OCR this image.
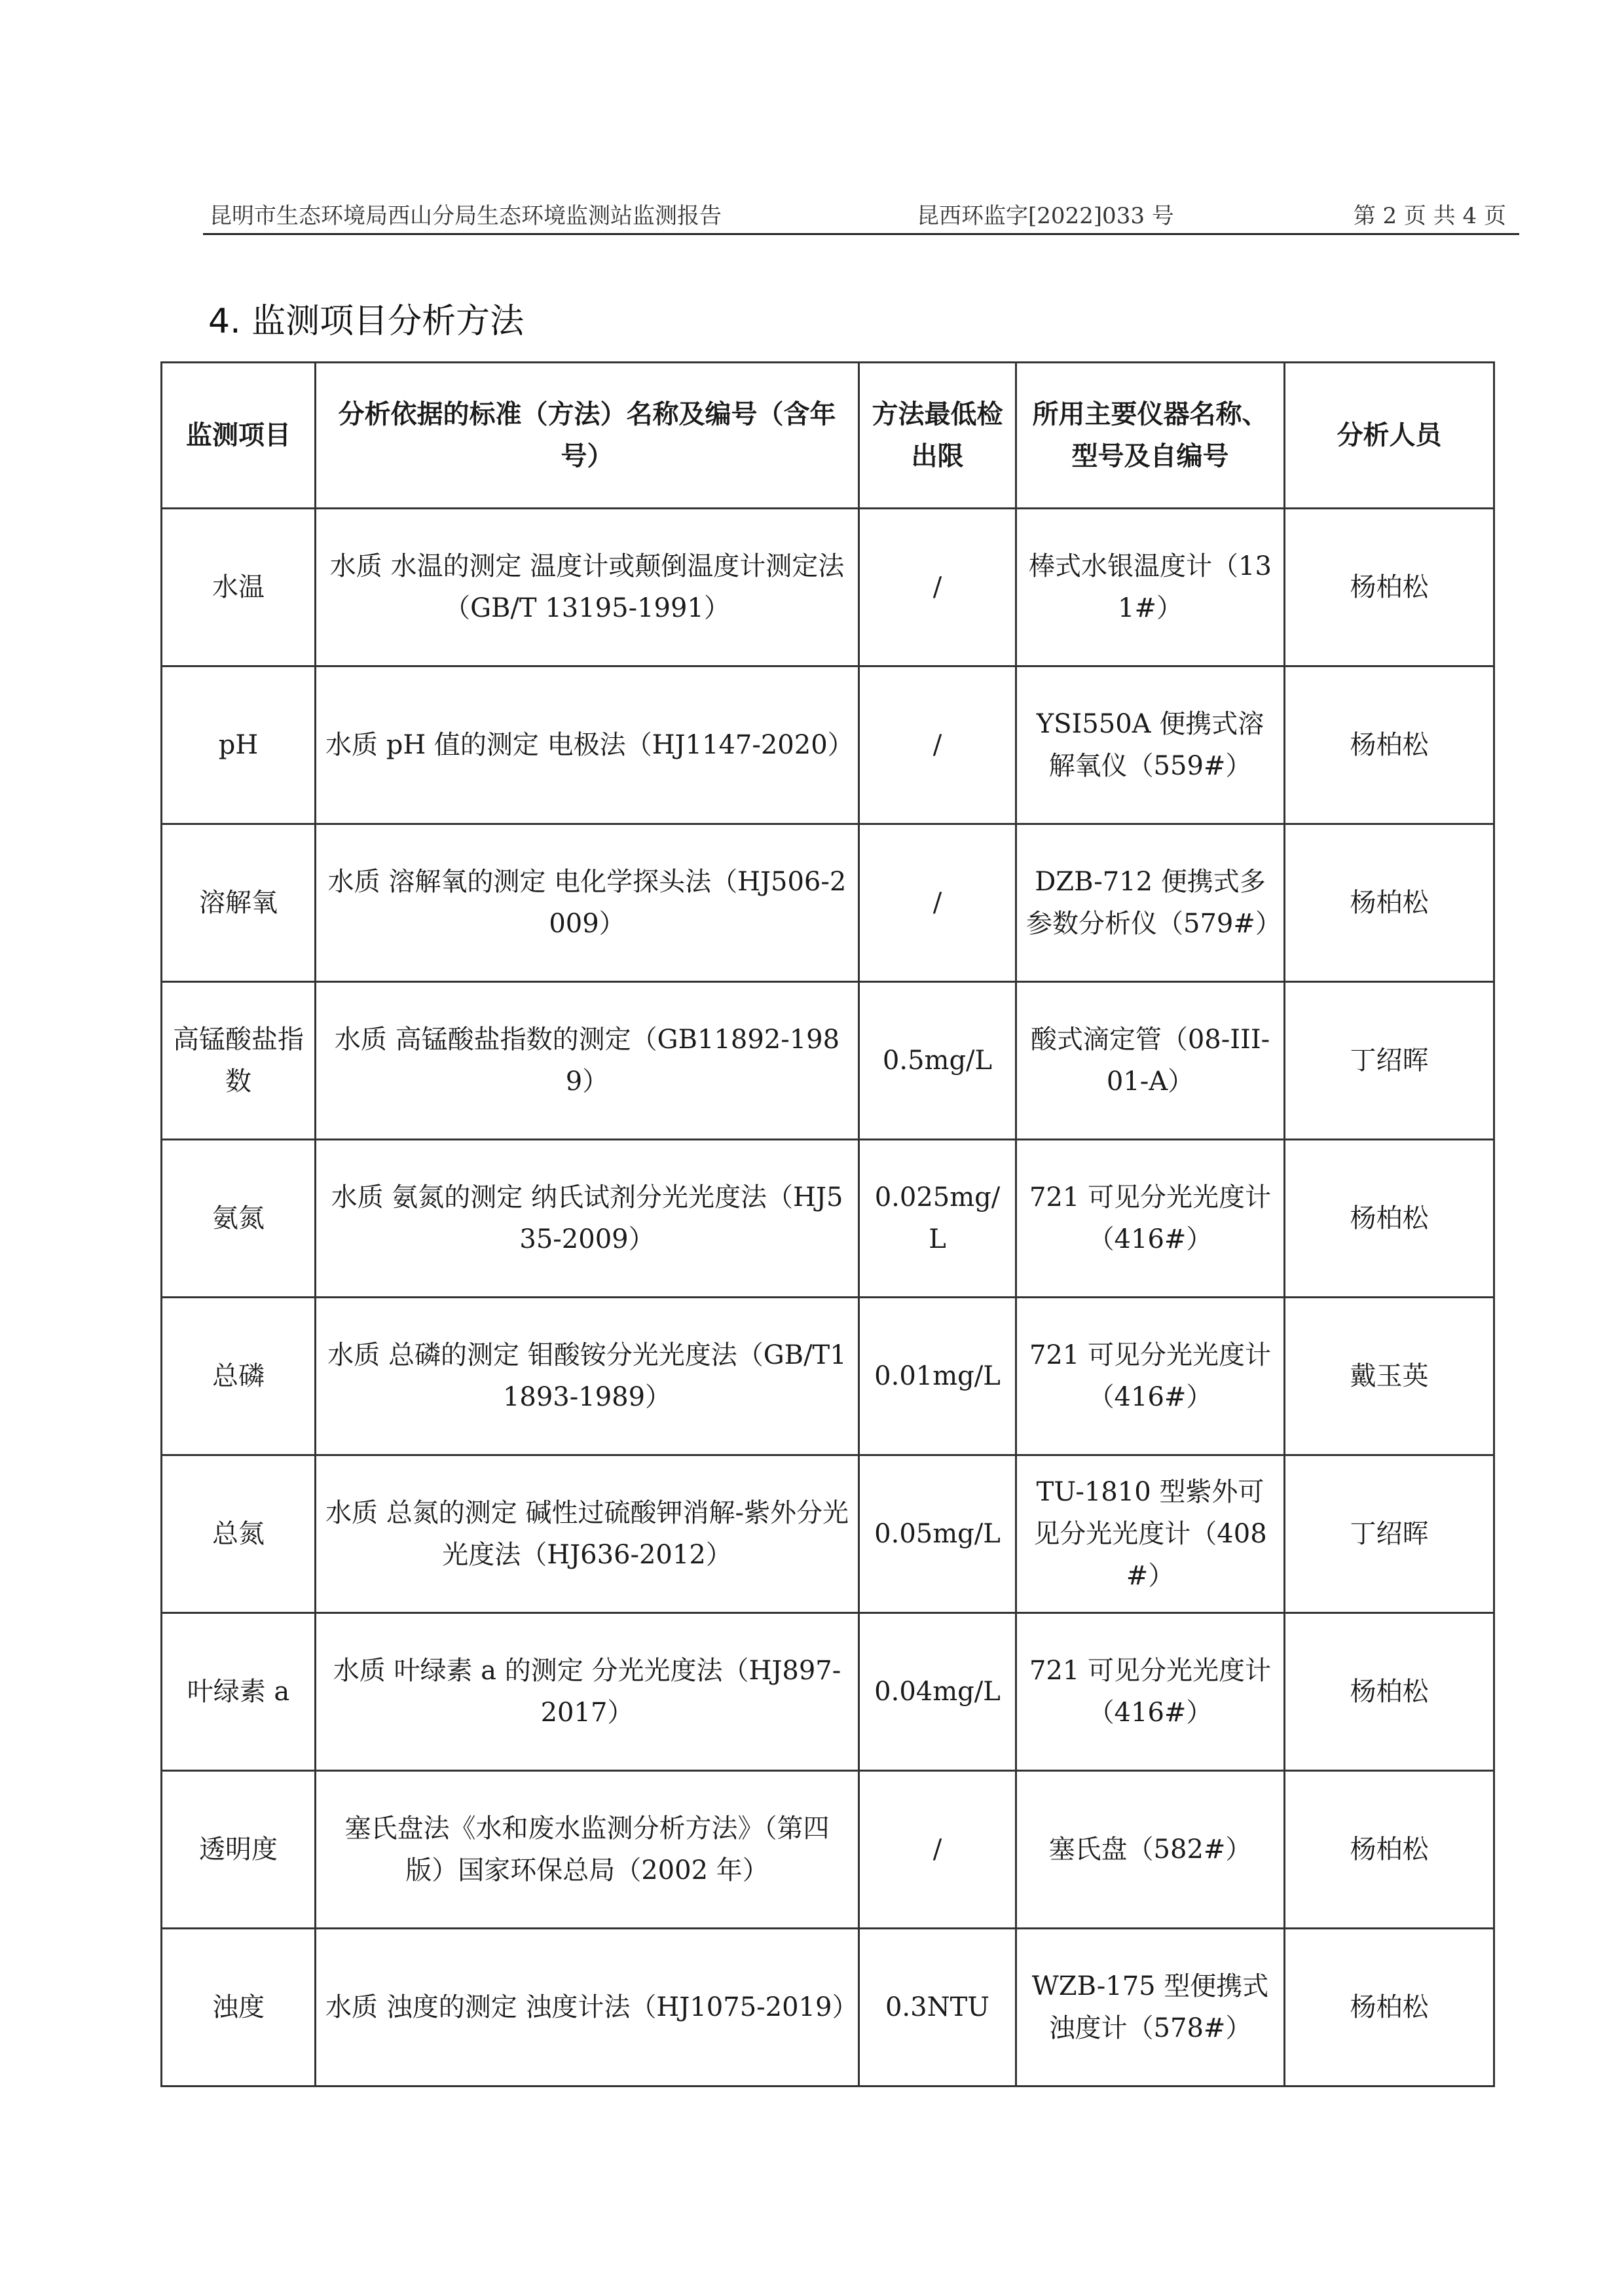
昆明市生态环境局西山分局生态环境监测站监测报告	昆西环监字[2022]033 号	第 2 页 共 4 页
4. 监测项目分析方法
监测项目	分析依据的标准（方法）名称及编号（含年号）	方法最低检出限	所用主要仪器名称、型号及自编号	分析人员
水温	水质 水温的测定 温度计或颠倒温度计测定法（GB/T 13195-1991）	/	棒式水银温度计（131#）	杨柏松
pH	水质 pH 值的测定 电极法（HJ1147-2020）	/	YSI550A 便携式溶解氧仪（559#）	杨柏松
溶解氧	水质 溶解氧的测定 电化学探头法（HJ506-2009）	/	DZB-712 便携式多参数分析仪（579#）	杨柏松
高锰酸盐指数	水质 高锰酸盐指数的测定（GB11892-1989）	0.5mg/L	酸式滴定管（08-III-01-A）	丁绍晖
氨氮	水质 氨氮的测定 纳氏试剂分光光度法（HJ535-2009）	0.025mg/L	721 可见分光光度计（416#）	杨柏松
总磷	水质 总磷的测定 钼酸铵分光光度法（GB/T11893-1989）	0.01mg/L	721 可见分光光度计（416#）	戴玉英
总氮	水质 总氮的测定 碱性过硫酸钾消解-紫外分光光度法（HJ636-2012）	0.05mg/L	TU-1810 型紫外可见分光光度计（408#）	丁绍晖
叶绿素 a	水质 叶绿素 a 的测定 分光光度法（HJ897-2017）	0.04mg/L	721 可见分光光度计（416#）	杨柏松
透明度	塞氏盘法《水和废水监测分析方法》（第四版）国家环保总局（2002 年）	/	塞氏盘（582#）	杨柏松
浊度	水质 浊度的测定 浊度计法（HJ1075-2019）	0.3NTU	WZB-175 型便携式浊度计（578#）	杨柏松
